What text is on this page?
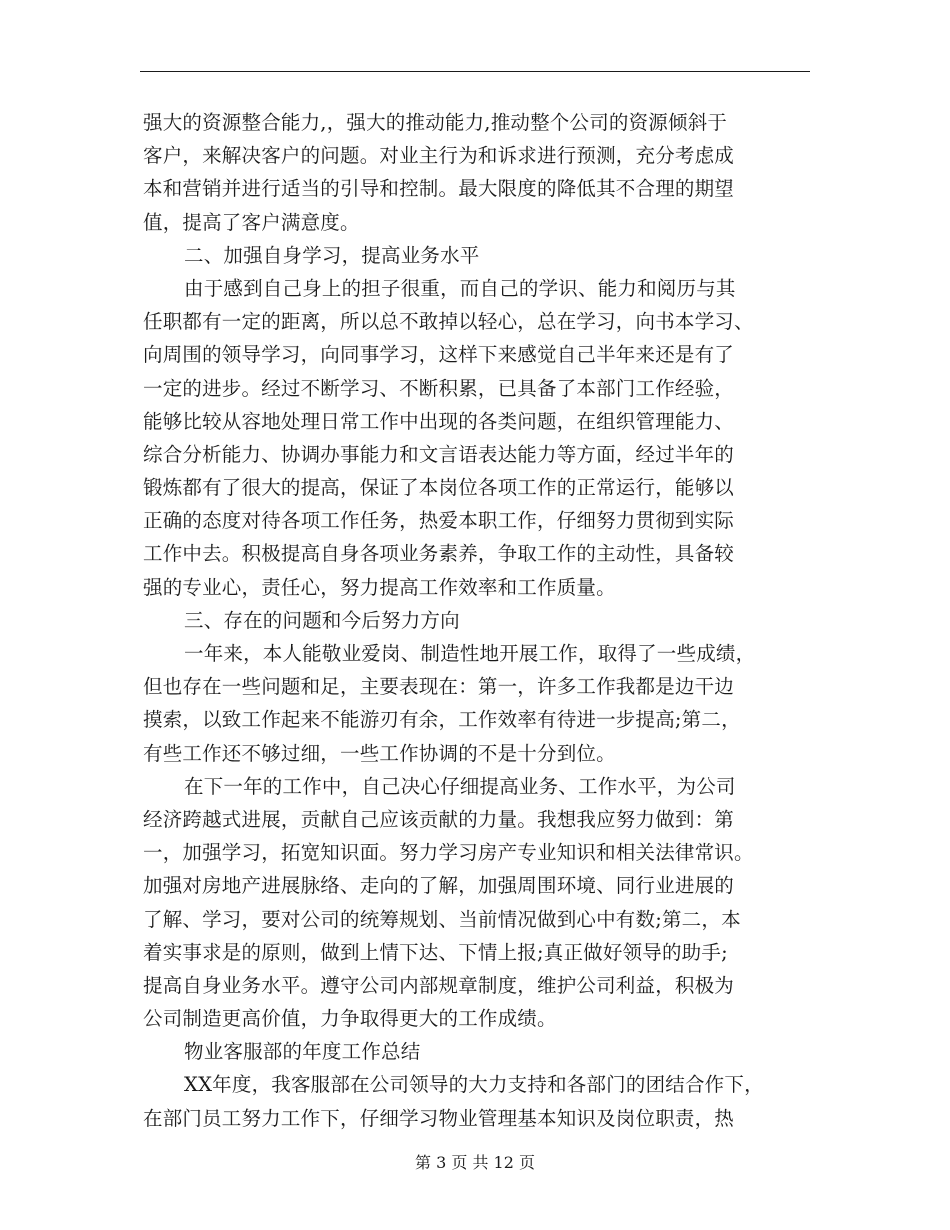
强大的资源整合能力,，强大的推动能力,推动整个公司的资源倾斜于
客户，来解决客户的问题。对业主行为和诉求进行预测，充分考虑成
本和营销并进行适当的引导和控制。最大限度的降低其不合理的期望
值，提高了客户满意度。
二、加强自身学习，提高业务水平
由于感到自己身上的担子很重，而自己的学识、能力和阅历与其
任职都有一定的距离，所以总不敢掉以轻心，总在学习，向书本学习、
向周围的领导学习，向同事学习，这样下来感觉自己半年来还是有了
一定的进步。经过不断学习、不断积累，已具备了本部门工作经验，
能够比较从容地处理日常工作中出现的各类问题，在组织管理能力、
综合分析能力、协调办事能力和文言语表达能力等方面，经过半年的
锻炼都有了很大的提高，保证了本岗位各项工作的正常运行，能够以
正确的态度对待各项工作任务，热爱本职工作，仔细努力贯彻到实际
工作中去。积极提高自身各项业务素养，争取工作的主动性，具备较
强的专业心，责任心，努力提高工作效率和工作质量。
三、存在的问题和今后努力方向
一年来，本人能敬业爱岗、制造性地开展工作，取得了一些成绩，
但也存在一些问题和足，主要表现在：第一，许多工作我都是边干边
摸索，以致工作起来不能游刃有余，工作效率有待进一步提高;第二，
有些工作还不够过细，一些工作协调的不是十分到位。
在下一年的工作中，自己决心仔细提高业务、工作水平，为公司
经济跨越式进展，贡献自己应该贡献的力量。我想我应努力做到：第
一，加强学习，拓宽知识面。努力学习房产专业知识和相关法律常识。
加强对房地产进展脉络、走向的了解，加强周围环境、同行业进展的
了解、学习，要对公司的统筹规划、当前情况做到心中有数;第二，本
着实事求是的原则，做到上情下达、下情上报;真正做好领导的助手;
提高自身业务水平。遵守公司内部规章制度，维护公司利益，积极为
公司制造更高价值，力争取得更大的工作成绩。
物业客服部的年度工作总结
XX年度，我客服部在公司领导的大力支持和各部门的团结合作下，
在部门员工努力工作下，仔细学习物业管理基本知识及岗位职责，热
第 3 页 共 12 页
